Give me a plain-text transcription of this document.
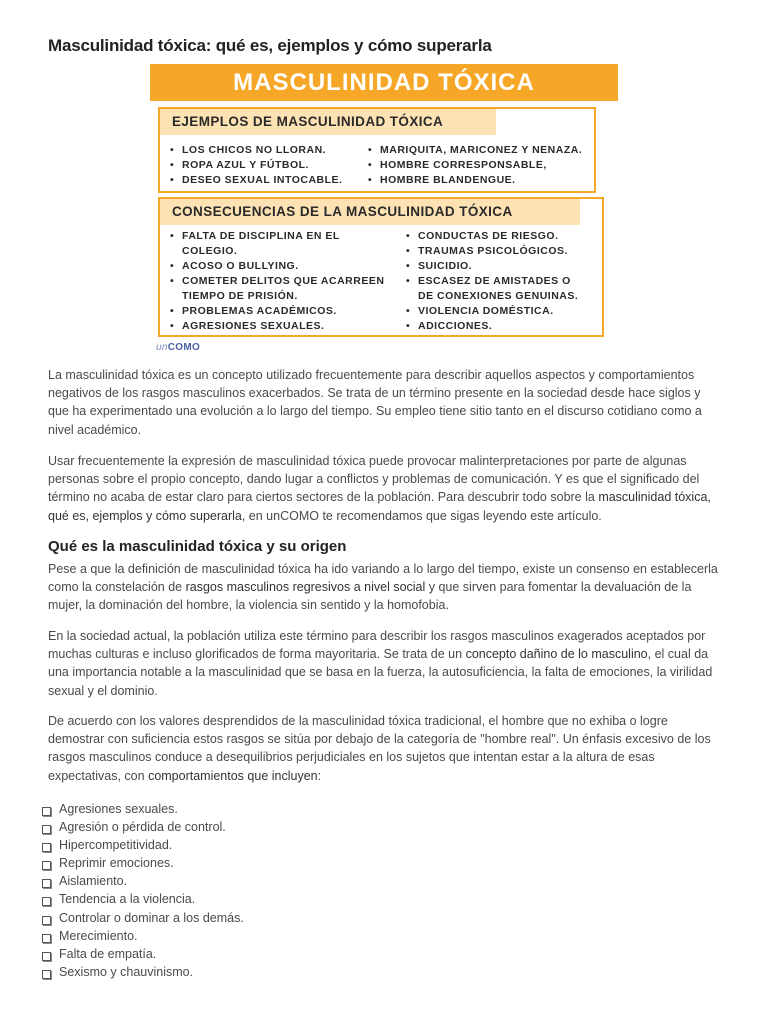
Masculinidad tóxica: qué es, ejemplos y cómo superarla
MASCULINIDAD TÓXICA
EJEMPLOS DE MASCULINIDAD TÓXICA
• LOS CHICOS NO LLORAN.
• ROPA AZUL Y FÚTBOL.
• DESEO SEXUAL INTOCABLE.
• MARIQUITA, MARICONEZ Y NENAZA.
• HOMBRE CORRESPONSABLE,
• HOMBRE BLANDENGUE.
CONSECUENCIAS DE LA MASCULINIDAD TÓXICA
• FALTA DE DISCIPLINA EN EL
COLEGIO.
• ACOSO O BULLYING.
• COMETER DELITOS QUE ACARREEN
TIEMPO DE PRISIÓN.
• PROBLEMAS ACADÉMICOS.
• AGRESIONES SEXUALES.
• CONDUCTAS DE RIESGO.
• TRAUMAS PSICOLÓGICOS.
• SUICIDIO.
• ESCASEZ DE AMISTADES O
DE CONEXIONES GENUINAS.
• VIOLENCIA DOMÉSTICA.
• ADICCIONES.
unCOMO

La masculinidad tóxica es un concepto utilizado frecuentemente para describir aquellos aspectos y comportamientos negativos de los rasgos masculinos exacerbados. Se trata de un término presente en la sociedad desde hace siglos y que ha experimentado una evolución a lo largo del tiempo. Su empleo tiene sitio tanto en el discurso cotidiano como a nivel académico.

Usar frecuentemente la expresión de masculinidad tóxica puede provocar malinterpretaciones por parte de algunas personas sobre el propio concepto, dando lugar a conflictos y problemas de comunicación. Y es que el significado del término no acaba de estar claro para ciertos sectores de la población. Para descubrir todo sobre la masculinidad tóxica, qué es, ejemplos y cómo superarla, en unCOMO te recomendamos que sigas leyendo este artículo.

Qué es la masculinidad tóxica y su origen

Pese a que la definición de masculinidad tóxica ha ido variando a lo largo del tiempo, existe un consenso en establecerla como la constelación de rasgos masculinos regresivos a nivel social y que sirven para fomentar la devaluación de la mujer, la dominación del hombre, la violencia sin sentido y la homofobia.

En la sociedad actual, la población utiliza este término para describir los rasgos masculinos exagerados aceptados por muchas culturas e incluso glorificados de forma mayoritaria. Se trata de un concepto dañino de lo masculino, el cual da una importancia notable a la masculinidad que se basa en la fuerza, la autosuficiencia, la falta de emociones, la virilidad sexual y el dominio.

De acuerdo con los valores desprendidos de la masculinidad tóxica tradicional, el hombre que no exhiba o logre demostrar con suficiencia estos rasgos se sitúa por debajo de la categoría de "hombre real". Un énfasis excesivo de los rasgos masculinos conduce a desequilibrios perjudiciales en los sujetos que intentan estar a la altura de esas expectativas, con comportamientos que incluyen:

Agresiones sexuales.
Agresión o pérdida de control.
Hipercompetitividad.
Reprimir emociones.
Aislamiento.
Tendencia a la violencia.
Controlar o dominar a los demás.
Merecimiento.
Falta de empatía.
Sexismo y chauvinismo.
